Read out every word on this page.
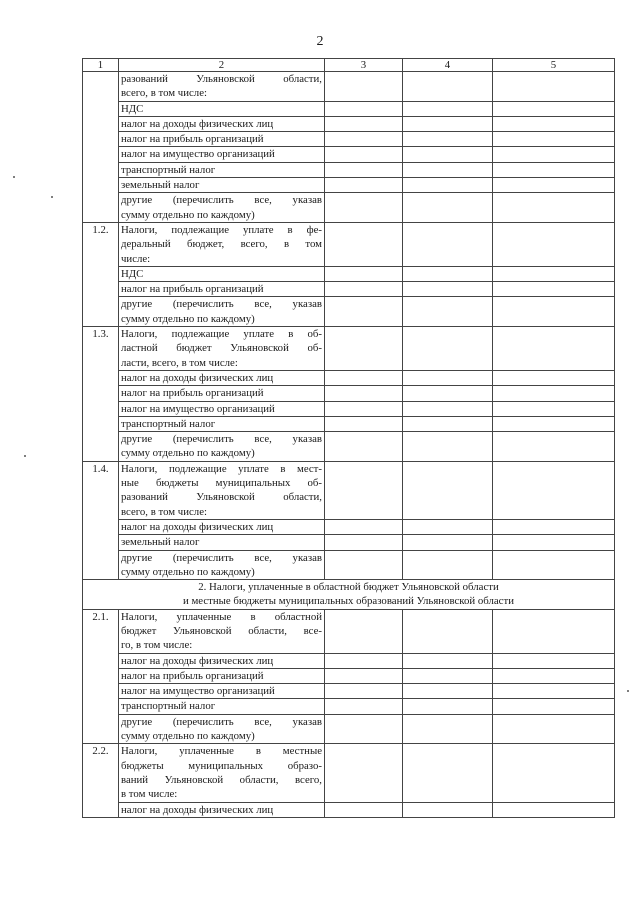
2
1	2	3	4	5

	разований Ульяновской области,
всего, в том числе:			

	НДС			

	налог на доходы физических лиц			

	налог на прибыль организаций			

	налог на имущество организаций			

	транспортный налог			

	земельный налог			

	другие (перечислить все, указав
сумму отдельно по каждому)			

1.2.	Налоги, подлежащие уплате в фе-
деральный бюджет, всего, в том
числе:			

	НДС			

	налог на прибыль организаций			

	другие (перечислить все, указав
сумму отдельно по каждому)			

1.3.	Налоги, подлежащие уплате в об-
ластной бюджет Ульяновской об-
ласти, всего, в том числе:			

	налог на доходы физических лиц			

	налог на прибыль организаций			

	налог на имущество организаций			

	транспортный налог			

	другие (перечислить все, указав
сумму отдельно по каждому)			

1.4.	Налоги, подлежащие уплате в мест-
ные бюджеты муниципальных об-
разований Ульяновской области,
всего, в том числе:			

	налог на доходы физических лиц			

	земельный налог			

	другие (перечислить все, указав
сумму отдельно по каждому)			

2. Налоги, уплаченные в областной бюджет Ульяновской области
и местные бюджеты муниципальных образований Ульяновской области				

2.1.	Налоги, уплаченные в областной
бюджет Ульяновской области, все-
го, в том числе:			

	налог на доходы физических лиц			

	налог на прибыль организаций			

	налог на имущество организаций			

	транспортный налог			

	другие (перечислить все, указав
сумму отдельно по каждому)			

2.2.	Налоги, уплаченные в местные
бюджеты муниципальных образо-
ваний Ульяновской области, всего,
в том числе:			

	налог на доходы физических лиц			
